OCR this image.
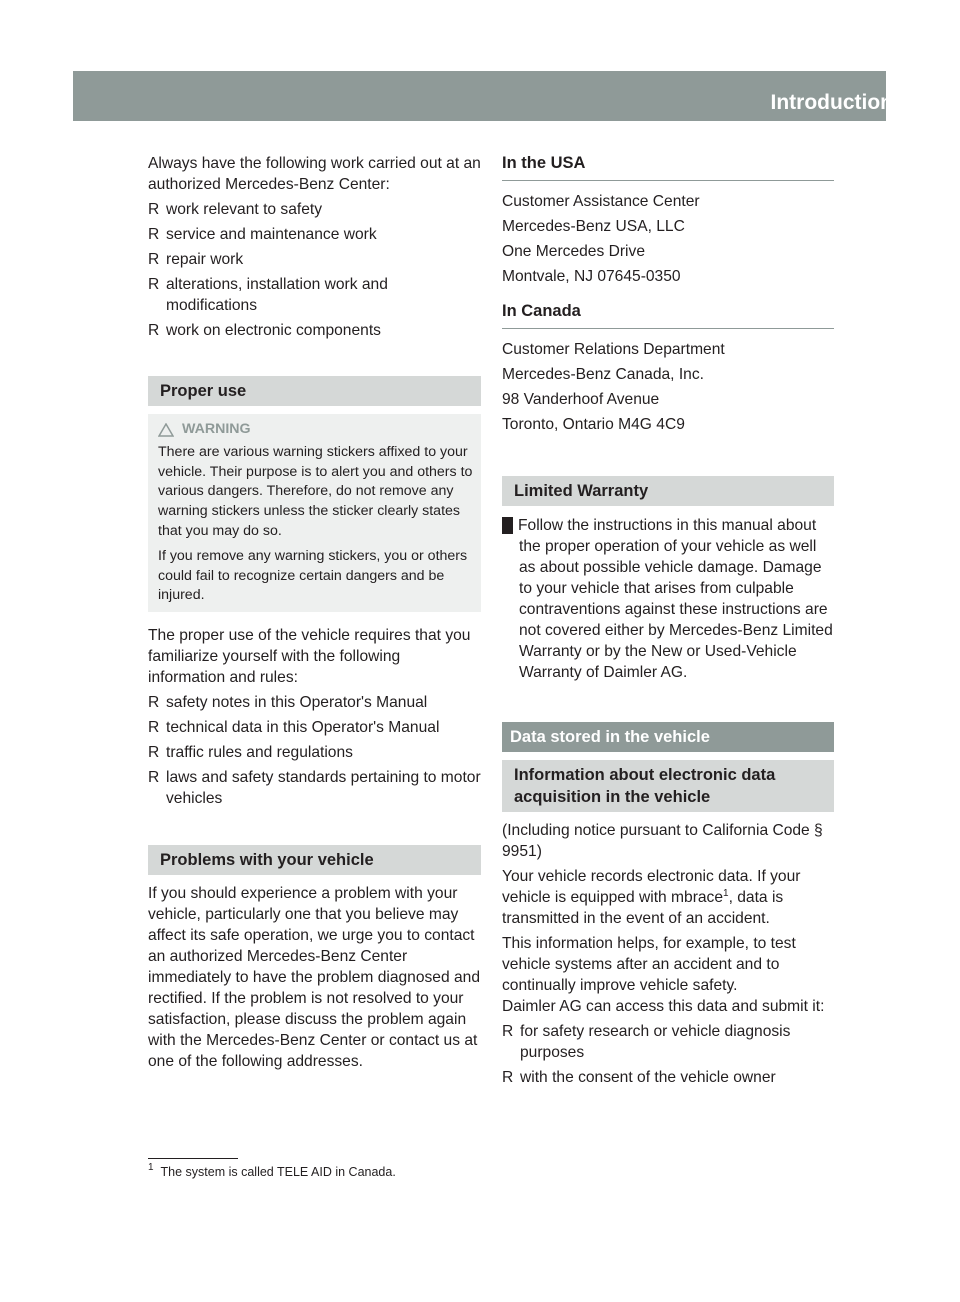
Introduction	23

Always have the following work carried out at an authorized Mercedes-Benz Center:

R work relevant to safety
R service and maintenance work
R repair work
R alterations, installation work and modifications
R work on electronic components
Proper use
WARNING

There are various warning stickers affixed to your vehicle. Their purpose is to alert you and others to various dangers. Therefore, do not remove any warning stickers unless the sticker clearly states that you may do so.

If you remove any warning stickers, you or others could fail to recognize certain dangers and be injured.

The proper use of the vehicle requires that you familiarize yourself with the following information and rules:

R safety notes in this Operator's Manual
R technical data in this Operator's Manual
R traffic rules and regulations
R laws and safety standards pertaining to motor vehicles
Problems with your vehicle

If you should experience a problem with your vehicle, particularly one that you believe may affect its safe operation, we urge you to contact an authorized Mercedes-Benz Center immediately to have the problem diagnosed and rectified. If the problem is not resolved to your satisfaction, please discuss the problem again with the Mercedes-Benz Center or contact us at one of the following addresses.

In the USA
Customer Assistance Center
Mercedes-Benz USA, LLC
One Mercedes Drive
Montvale, NJ 07645-0350
In Canada
Customer Relations Department
Mercedes-Benz Canada, Inc.
98 Vanderhoof Avenue
Toronto, Ontario M4G 4C9
Limited Warranty

! Follow the instructions in this manual about the proper operation of your vehicle as well as about possible vehicle damage. Damage to your vehicle that arises from culpable contraventions against these instructions are not covered either by Mercedes-Benz Limited Warranty or by the New or Used-Vehicle Warranty of Daimler AG.

Data stored in the vehicle
Information about electronic data acquisition in the vehicle

(Including notice pursuant to California Code § 9951)

Your vehicle records electronic data. If your vehicle is equipped with mbrace$^1$, data is transmitted in the event of an accident.

This information helps, for example, to test vehicle systems after an accident and to continually improve vehicle safety.

Daimler AG can access this data and submit it:

R for safety research or vehicle diagnosis purposes
R with the consent of the vehicle owner
$^1$ The system is called TELE AID in Canada.
